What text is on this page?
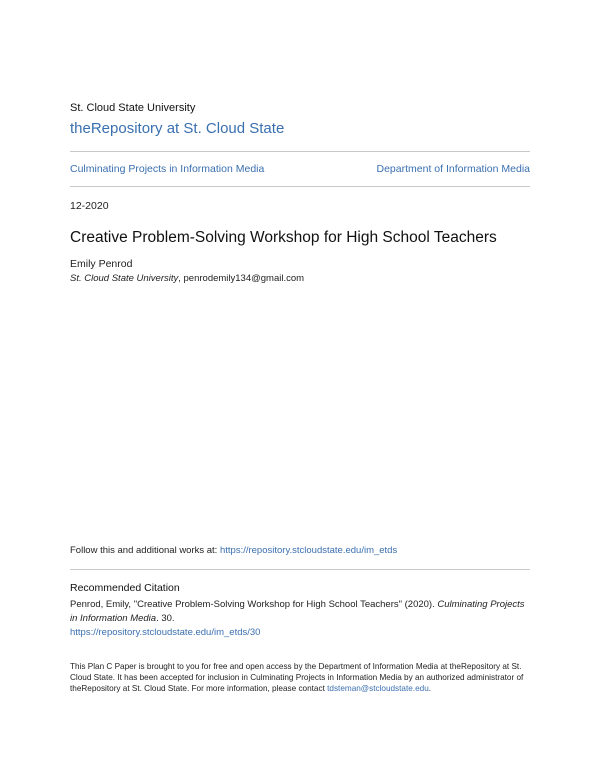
St. Cloud State University
theRepository at St. Cloud State
Culminating Projects in Information Media	Department of Information Media
12-2020
Creative Problem-Solving Workshop for High School Teachers
Emily Penrod
St. Cloud State University, penrodemily134@gmail.com
Follow this and additional works at: https://repository.stcloudstate.edu/im_etds
Recommended Citation
Penrod, Emily, "Creative Problem-Solving Workshop for High School Teachers" (2020). Culminating Projects in Information Media. 30.
https://repository.stcloudstate.edu/im_etds/30
This Plan C Paper is brought to you for free and open access by the Department of Information Media at theRepository at St. Cloud State. It has been accepted for inclusion in Culminating Projects in Information Media by an authorized administrator of theRepository at St. Cloud State. For more information, please contact tdsteman@stcloudstate.edu.
